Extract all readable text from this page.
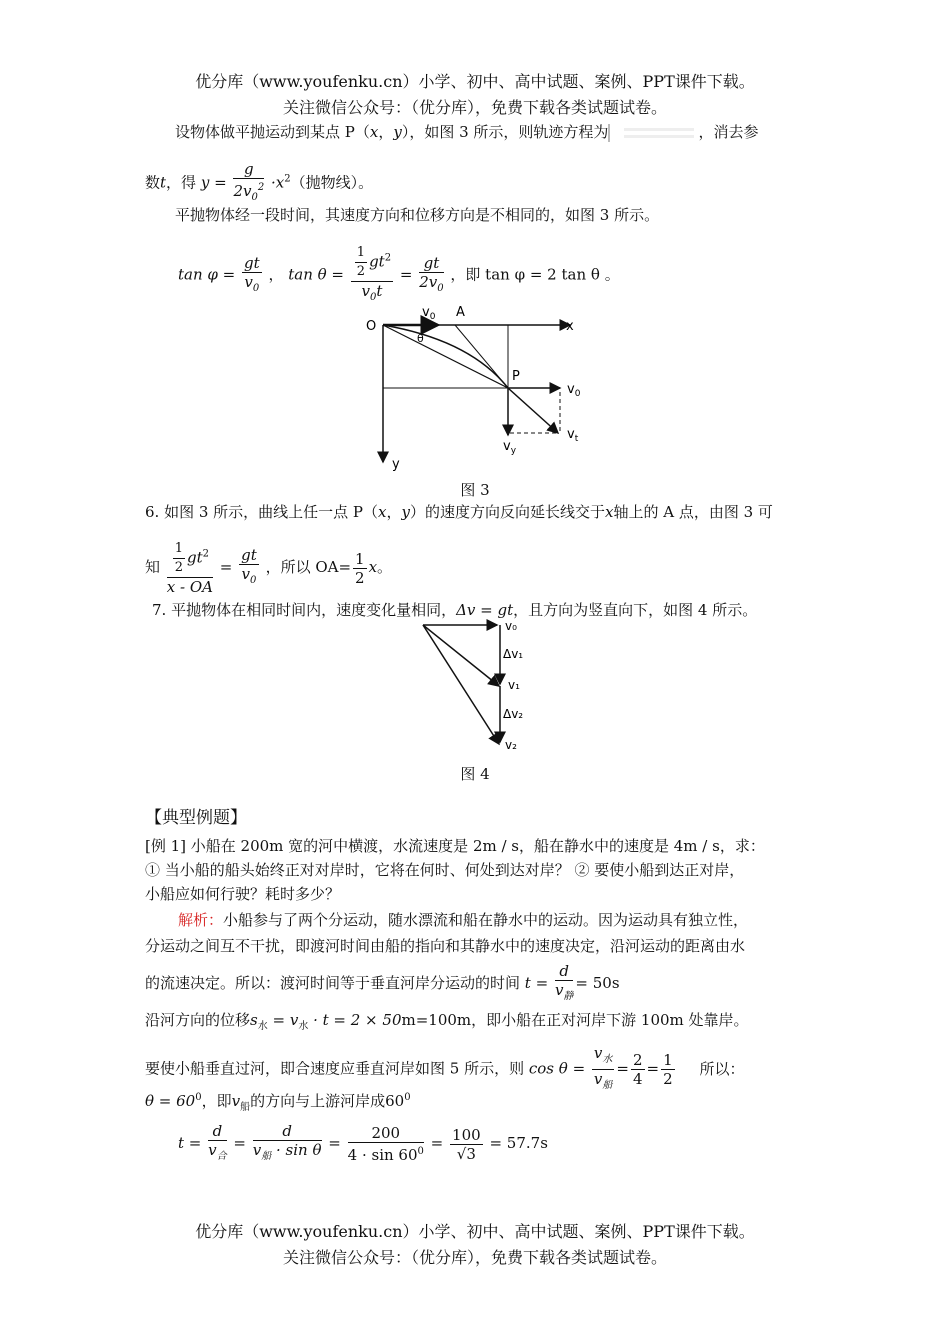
优分库（www.youfenku.cn）小学、初中、高中试题、案例、PPT课件下载。
关注微信公众号：（优分库），免费下载各类试题试卷。
设物体做平抛运动到某点 P（x，y），如图 3 所示，则轨迹方程为	，消去参
数t，得 $y = \frac{g}{2v_0^2} \cdot x^2$（抛物线）。
平抛物体经一段时间，其速度方向和位移方向是不相同的，如图 3 所示。
$\tan \varphi = \frac{gt}{v_0}$ ， $\tan \theta = \frac{\frac{1}{2} gt^2}{v_0t} = \frac{gt}{2v_0}$ ，即 tan φ = 2 tan θ 。
O
$v_0$ A
x
θ
P
$v_0$
$v_t$
$v_y$
y
图 3
6. 如图 3 所示，曲线上任一点 P（x，y）的速度方向反向延长线交于x轴上的 A 点，由图 3 可
知 $\frac{\frac{1}{2} gt^2}{x - OA} = \frac{gt}{v_0}$ ，所以 $OA= \frac{1}{2}$ x。
7. 平抛物体在相同时间内，速度变化量相同，Δv = gt，且方向为竖直向下，如图 4 所示。
v₀
Δv₁
v₁
Δv₂
v₂
图 4
【典型例题】
[例 1] 小船在 200m 宽的河中横渡，水流速度是 2m / s，船在静水中的速度是 4m / s，求：
① 当小船的船头始终正对对岸时，它将在何时、何处到达对岸？ ② 要使小船到达正对岸，
小船应如何行驶？耗时多少？
解析：小船参与了两个分运动，随水漂流和船在静水中的运动。因为运动具有独立性，
分运动之间互不干扰，即渡河时间由船的指向和其静水中的速度决定，沿河运动的距离由水
的流速决定。所以：渡河时间等于垂直河岸分运动的时间 $t = \frac{d}{v_静} = 50s$
沿河方向的位移$s_水 = v_水 \cdot t = 2 \times 50m=100m$，即小船在正对河岸下游 100m 处靠岸。
要使小船垂直过河，即合速度应垂直河岸如图 5 所示，则 $\cos \theta = \frac{v_水}{v_船} = \frac{2}{4} = \frac{1}{2}$ 所以：
$\theta = 60^0$，即$v_船$的方向与上游河岸成$60^0$
$t = \frac{d}{v_合} = \frac{d}{v_船 \cdot \sin \theta} = \frac{200}{4 \cdot \sin 60^0} = \frac{100}{√3} = 57.7s$
优分库（www.youfenku.cn）小学、初中、高中试题、案例、PPT课件下载。
关注微信公众号：（优分库），免费下载各类试题试卷。
